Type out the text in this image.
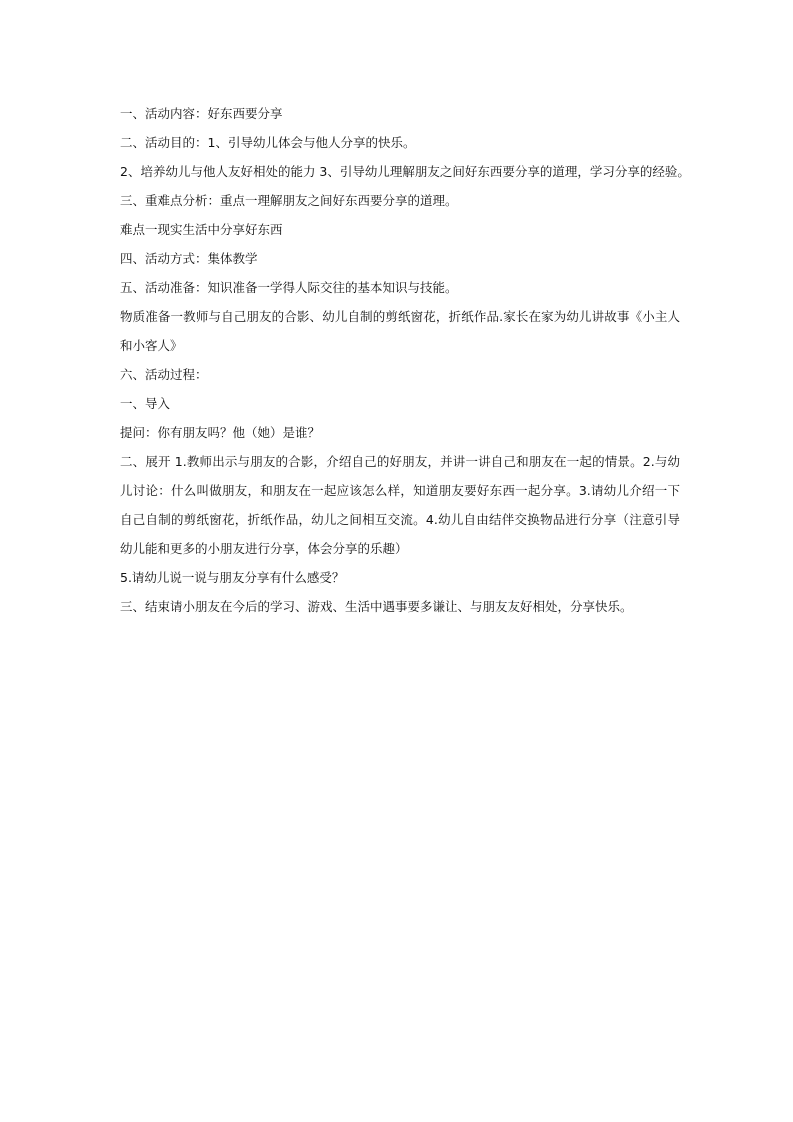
一、活动内容：好东西要分享

二、活动目的：1、引导幼儿体会与他人分享的快乐。

2、培养幼儿与他人友好相处的能力 3、引导幼儿理解朋友之间好东西要分享的道理，学习分享的经验。

三、重难点分析：重点一理解朋友之间好东西要分享的道理。

难点一现实生活中分享好东西

四、活动方式：集体教学

五、活动准备：知识准备一学得人际交往的基本知识与技能。

物质准备一教师与自己朋友的合影、幼儿自制的剪纸窗花，折纸作品.家长在家为幼儿讲故事《小主人和小客人》

六、活动过程：

一、导入

提问：你有朋友吗？他（她）是谁？

二、展开 1.教师出示与朋友的合影，介绍自己的好朋友，并讲一讲自己和朋友在一起的情景。2.与幼儿讨论：什么叫做朋友，和朋友在一起应该怎么样，知道朋友要好东西一起分享。3.请幼儿介绍一下自己自制的剪纸窗花，折纸作品，幼儿之间相互交流。4.幼儿自由结伴交换物品进行分享（注意引导幼儿能和更多的小朋友进行分享，体会分享的乐趣）

5.请幼儿说一说与朋友分享有什么感受？

三、结束请小朋友在今后的学习、游戏、生活中遇事要多谦让、与朋友友好相处，分享快乐。
